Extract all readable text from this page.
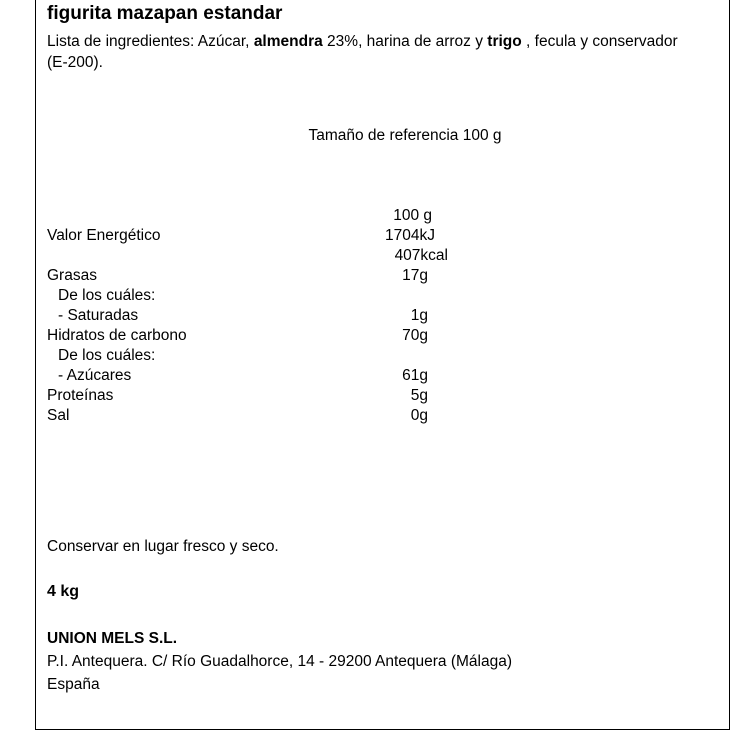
figurita mazapan estandar
Lista de ingredientes: Azúcar, almendra 23%, harina de arroz y trigo , fecula y conservador (E-200).
Tamaño de referencia 100 g
100 g
Valor Energético	1704kJ
407kcal
Grasas	17g
De los cuáles:
- Saturadas	1g
Hidratos de carbono	70g
De los cuáles:
- Azúcares	61g
Proteínas	5g
Sal	0g
Conservar en lugar fresco y seco.
4 kg
UNION MELS S.L.
P.I. Antequera. C/ Río Guadalhorce, 14 - 29200 Antequera (Málaga)
España
